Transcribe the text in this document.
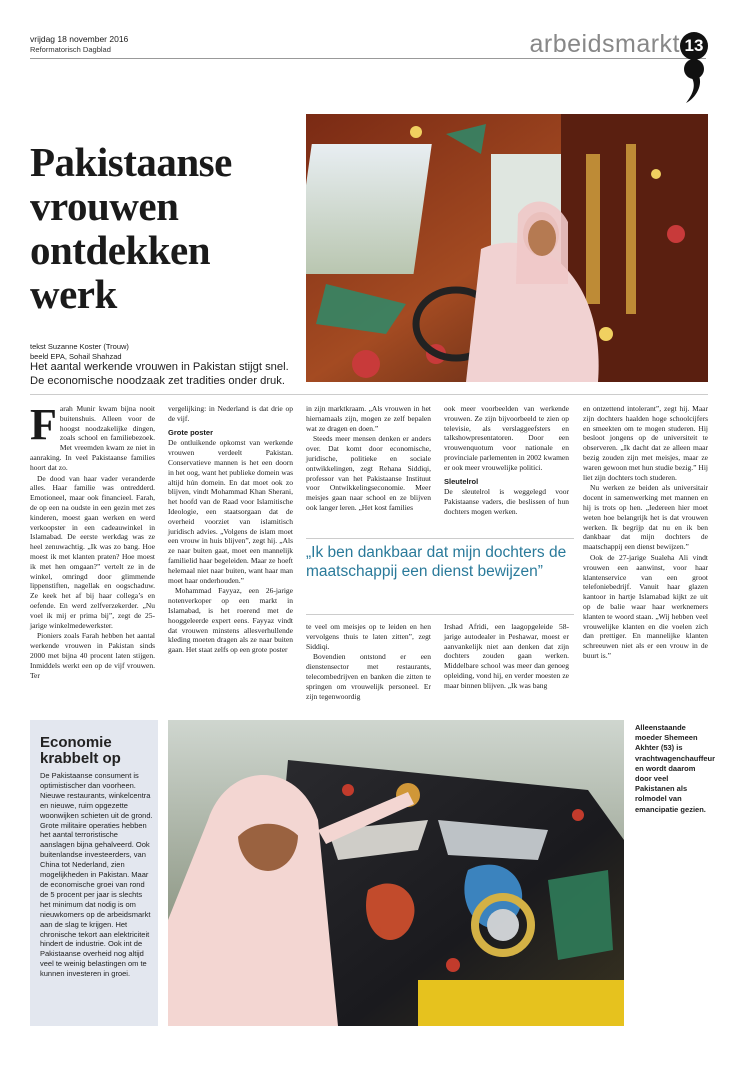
vrijdag 18 november 2016
Reformatorisch Dagblad	arbeidsmarkt 13
Pakistaanse
vrouwen
ontdekken
werk
tekst Suzanne Koster (Trouw)
beeld EPA, Sohail Shahzad
Het aantal werkende vrouwen in Pakistan stijgt snel.
De economische noodzaak zet tradities onder druk.

Farah Munir kwam bijna nooit buitenshuis. Alleen voor de hoogst noodzakelijke dingen, zoals school en familiebezoek. Met vreemden kwam ze niet in aanraking. In veel Pakistaanse families hoort dat zo.

De dood van haar vader veranderde alles. Haar familie was ontredderd. Emotioneel, maar ook financieel. Farah, de op een na oudste in een gezin met zes kinderen, moest gaan werken en werd verkoopster in een cadeauwinkel in Islamabad. De eerste werkdag was ze heel zenuwachtig. „Ik was zo bang. Hoe moest ik met klanten praten? Hoe moest ik met hen omgaan?” vertelt ze in de winkel, omringd door glimmende lippenstiften, nagellak en oogschaduw. Ze keek het af bij haar collega’s en oefende. En werd zelfverzekerder. „Nu voel ik mij er prima bij”, zegt de 25-jarige winkelmedewerkster.

Pioniers zoals Farah hebben het aantal werkende vrouwen in Pakistan sinds 2000 met bijna 40 procent laten stijgen. Inmiddels werkt een op de vijf vrouwen. Ter

vergelijking: in Nederland is dat drie op de vijf.

Grote poster

De ontluikende opkomst van werkende vrouwen verdeelt Pakistan. Conservatieve mannen is het een doorn in het oog, want het publieke domein was altijd hún domein. En dat moet ook zo blijven, vindt Mohammad Khan Sherani, het hoofd van de Raad voor Islamitische Ideologie, een staatsorgaan dat de overheid voorziet van islamitisch juridisch advies. „Volgens de islam moet een vrouw in huis blijven”, zegt hij. „Als ze naar buiten gaat, moet een mannelijk familielid haar begeleiden. Maar ze hoeft helemaal niet naar buiten, want haar man moet haar onderhouden.”

Mohammad Fayyaz, een 26-jarige notenverkoper op een markt in Islamabad, is het roerend met de hooggeleerde expert eens. Fayyaz vindt dat vrouwen minstens allesverhullende kleding moeten dragen als ze naar buiten gaan. Het staat zelfs op een grote poster

in zijn marktkraam. „Als vrouwen in het hiernamaals zijn, mogen ze zelf bepalen wat ze dragen en doen.”

Steeds meer mensen denken er anders over. Dat komt door economische, juridische, politieke en sociale ontwikkelingen, zegt Rehana Siddiqi, professor van het Pakistaanse Instituut voor Ontwikkelingseconomie. Meer meisjes gaan naar school en ze blijven ook langer leren. „Het kost families

te veel om meisjes op te leiden en hen vervolgens thuis te laten zitten”, zegt Siddiqi.

Bovendien ontstond er een dienstensector met restaurants, telecombedrijven en banken die zitten te springen om vrouwelijk personeel. Er zijn tegenwoordig

ook meer voorbeelden van werkende vrouwen. Ze zijn bijvoorbeeld te zien op televisie, als verslaggeefsters en talkshowpresentatoren. Door een vrouwenquotum voor nationale en provinciale parlementen in 2002 kwamen er ook meer vrouwelijke politici.

Sleutelrol

De sleutelrol is weggelegd voor Pakistaanse vaders, die beslissen of hun dochters mogen werken.

Irshad Afridi, een laagopgeleide 58-jarige autodealer in Peshawar, moest er aanvankelijk niet aan denken dat zijn dochters zouden gaan werken. Middelbare school was meer dan genoeg opleiding, vond hij, en verder moesten ze maar binnen blijven. „Ik was bang

„Ik ben dankbaar dat mijn dochters de maatschappij een dienst bewijzen”

en ontzettend intolerant”, zegt hij. Maar zijn dochters haalden hoge schoolcijfers en smeekten om te mogen studeren. Hij besloot jongens op de universiteit te observeren. „Ik dacht dat ze alleen maar bezig zouden zijn met meisjes, maar ze waren gewoon met hun studie bezig.” Hij liet zijn dochters toch studeren.

Nu werken ze beiden als universitair docent in samenwerking met mannen en hij is trots op hen. „Iedereen hier moet weten hoe belangrijk het is dat vrouwen werken. Ik begrijp dat nu en ik ben dankbaar dat mijn dochters de maatschappij een dienst bewijzen.”

Ook de 27-jarige Sualeha Ali vindt vrouwen een aanwinst, voor haar klantenservice van een groot telefoniebedrijf. Vanuit haar glazen kantoor in hartje Islamabad kijkt ze uit op de balie waar haar werknemers klanten te woord staan. „Wij hebben veel vrouwelijke klanten en die voelen zich dan prettiger. En mannelijke klanten schreeuwen niet als er een vrouw in de buurt is.”

Economie
krabbelt op
De Pakistaanse consument is optimistischer dan voorheen. Nieuwe restaurants, winkelcentra en nieuwe, ruim opgezette woonwijken schieten uit de grond. Grote militaire operaties hebben het aantal terroristische aanslagen bijna gehalveerd. Ook buitenlandse investeerders, van China tot Nederland, zien mogelijkheden in Pakistan. Maar de economische groei van rond de 5 procent per jaar is slechts het minimum dat nodig is om nieuwkomers op de arbeidsmarkt aan de slag te krijgen. Het chronische tekort aan elektriciteit hindert de industrie. Ook int de Pakistaanse overheid nog altijd veel te weinig belastingen om te kunnen investeren in groei.
Alleenstaande moeder Shemeen Akhter (53) is vrachtwagenchauffeur en wordt daarom door veel Pakistanen als rolmodel van emancipatie gezien.
